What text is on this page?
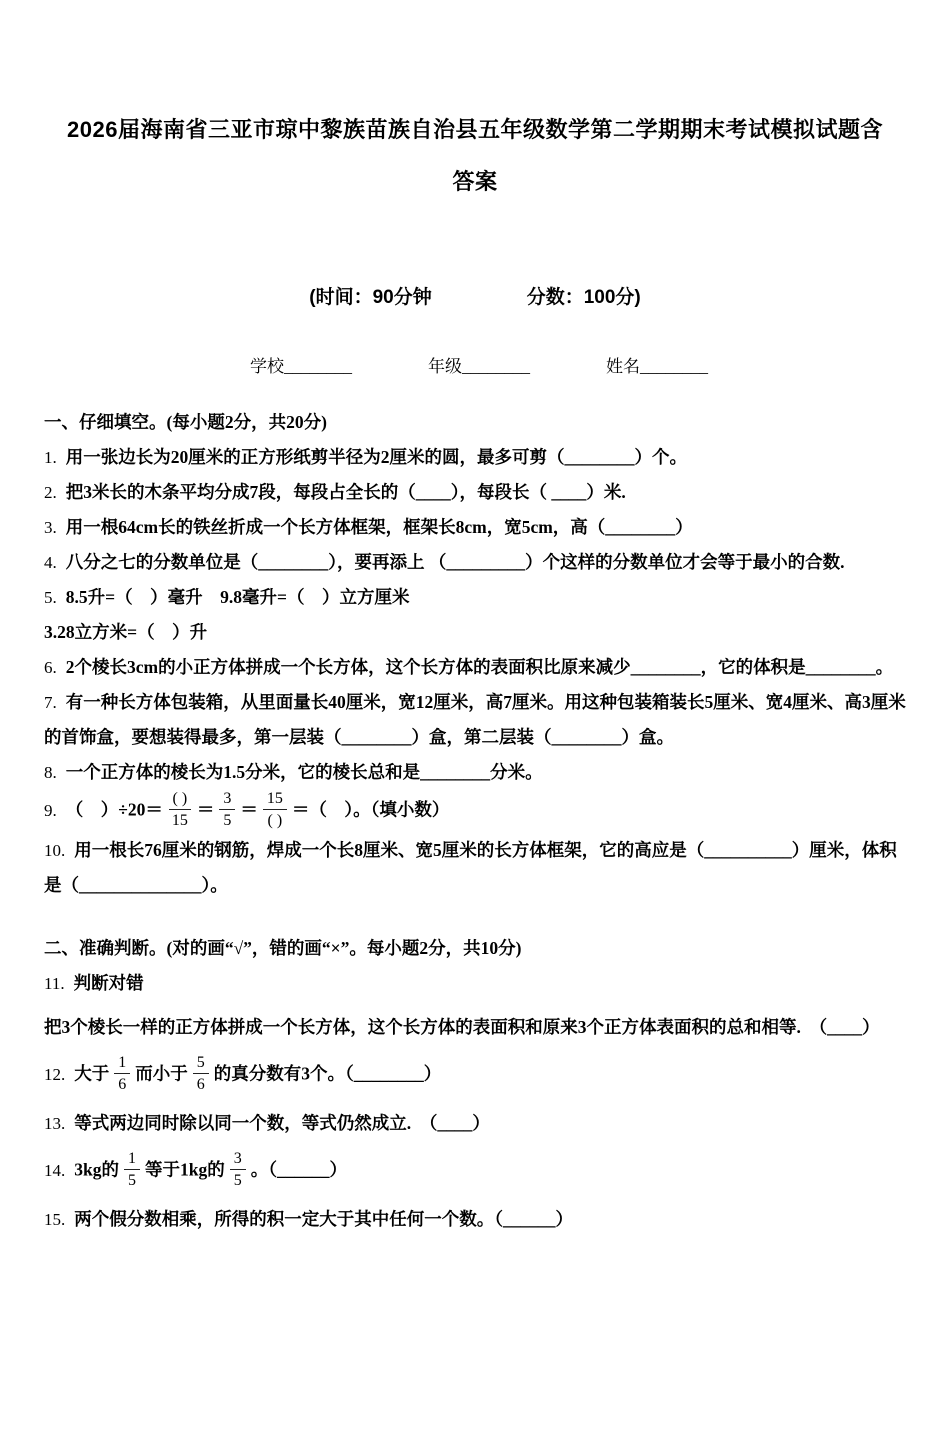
2026届海南省三亚市琼中黎族苗族自治县五年级数学第二学期期末考试模拟试题含答案
(时间：90分钟　　　　　分数：100分)
学校________	年级________	姓名________
一、仔细填空。(每小题2分，共20分)
1. 用一张边长为20厘米的正方形纸剪半径为2厘米的圆，最多可剪（________）个。
2. 把3米长的木条平均分成7段，每段占全长的（____），每段长（ ____）米.
3. 用一根64cm长的铁丝折成一个长方体框架，框架长8cm，宽5cm，高（________）
4. 八分之七的分数单位是（________），要再添上 （_________）个这样的分数单位才会等于最小的合数.
5. 8.5升=（　）毫升　9.8毫升=（　）立方厘米
3.28立方米=（　）升
6. 2个棱长3cm的小正方体拼成一个长方体，这个长方体的表面积比原来减少________，它的体积是________。
7. 有一种长方体包装箱，从里面量长40厘米，宽12厘米，高7厘米。用这种包装箱装长5厘米、宽4厘米、高3厘米的首饰盒，要想装得最多，第一层装（________）盒，第二层装（________）盒。
8. 一个正方体的棱长为1.5分米，它的棱长总和是________分米。
9. （　）$\div 20= \frac{( )}{15} = \frac{3}{5} = \frac{15}{( )}$ ＝（　）。（填小数）
10. 用一根长76厘米的钢筋，焊成一个长8厘米、宽5厘米的长方体框架，它的高应是（__________）厘米，体积是（______________）。
二、准确判断。(对的画“√”，错的画“×”。每小题2分，共10分)
11. 判断对错
把3个棱长一样的正方体拼成一个长方体，这个长方体的表面积和原来3个正方体表面积的总和相等.　（____）
12. 大于 $\frac{1}{6}$ 而小于 $\frac{5}{6}$ 的真分数有3个。（________）
13. 等式两边同时除以同一个数，等式仍然成立.　（____）
14. 3kg的 $\frac{1}{5}$ 等于1kg的 $\frac{3}{5}$ 。（______）
15. 两个假分数相乘，所得的积一定大于其中任何一个数。（______）
